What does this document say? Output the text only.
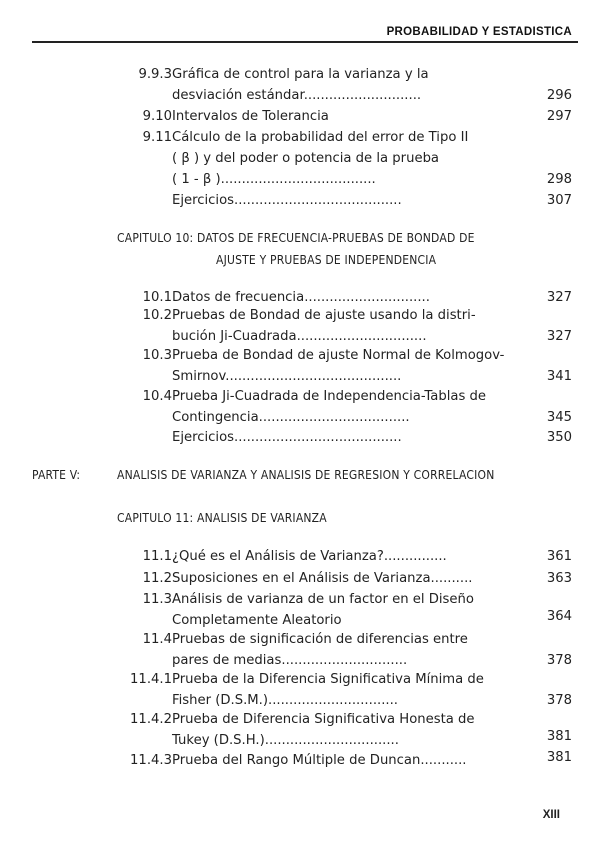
PROBABILIDAD Y ESTADISTICA
9.9.3 Gráfica de control para la varianza y la
desviación estándar............................	296
9.10 Intervalos de Tolerancia	297
9.11 Cálculo de la probabilidad del error de Tipo II
( β ) y del poder o potencia de la prueba
( 1 - β ).....................................	298
Ejercicios........................................	307
CAPITULO 10: DATOS DE FRECUENCIA-PRUEBAS DE BONDAD DE
AJUSTE Y PRUEBAS DE INDEPENDENCIA
10.1 Datos de frecuencia..............................	327
10.2 Pruebas de Bondad de ajuste usando la distri-
bución Ji-Cuadrada...............................	327
10.3 Prueba de Bondad de ajuste Normal de Kolmogov-
Smirnov..........................................	341
10.4 Prueba Ji-Cuadrada de Independencia-Tablas de
Contingencia....................................	345
Ejercicios........................................	350
PARTE V:	ANALISIS DE VARIANZA Y ANALISIS DE REGRESION Y CORRELACION
CAPITULO 11: ANALISIS DE VARIANZA
11.1 ¿Qué es el Análisis de Varianza?...............	361
11.2 Suposiciones en el Análisis de Varianza..........	363
11.3 Análisis de varianza de un factor en el Diseño
Completamente Aleatorio	364
11.4 Pruebas de significación de diferencias entre
pares de medias..............................	378
11.4.1 Prueba de la Diferencia Significativa Mínima de
Fisher (D.S.M.)...............................	378
11.4.2 Prueba de Diferencia Significativa Honesta de
Tukey (D.S.H.)................................	381
11.4.3 Prueba del Rango Múltiple de Duncan...........	381
XIII
